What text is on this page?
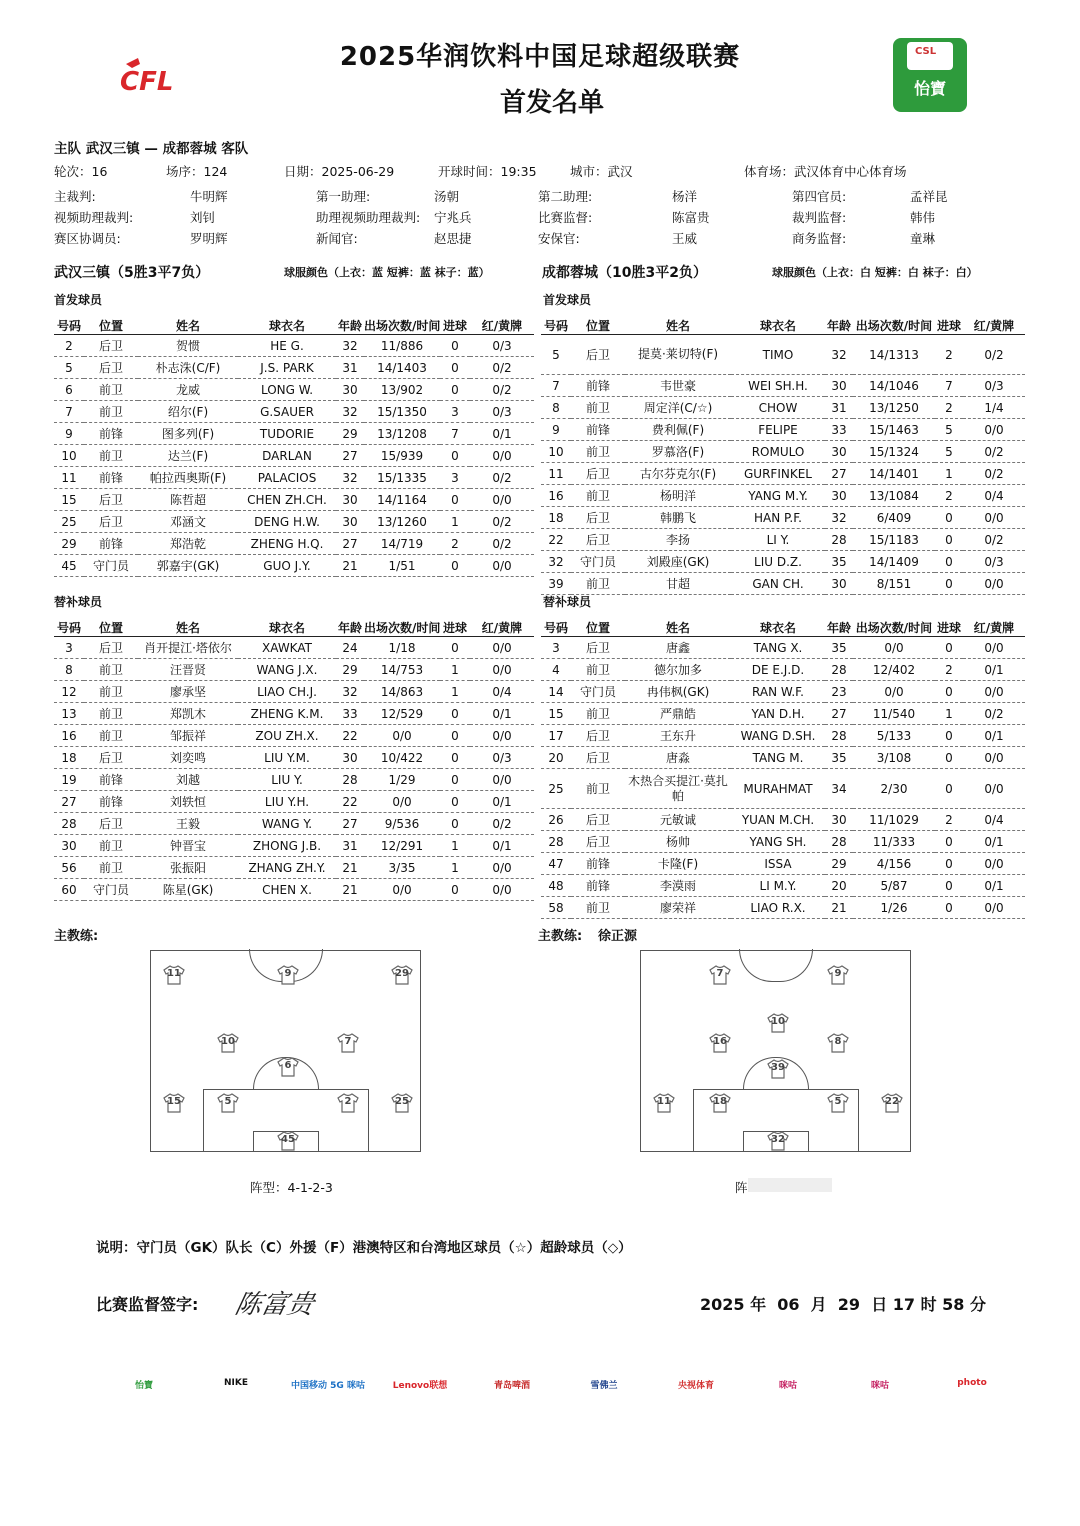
CFL
2025华润饮料中国足球超级联赛
首发名单
CSL
怡寶
主队 武汉三镇 — 成都蓉城 客队
轮次：16	场序：124	日期：2025-06-29	开球时间：19:35	城市：武汉	体育场：武汉体育中心体育场
主裁判:	牛明辉	第一助理:	汤朝	第二助理:	杨洋	第四官员:	孟祥昆
视频助理裁判:	刘钊	助理视频助理裁判: 宁兆兵	比赛监督:	陈富贵	裁判监督:	韩伟
赛区协调员:	罗明辉	新闻官:	赵思捷	安保官:	王威	商务监督:	童琳
武汉三镇（5胜3平7负）	球服颜色（上衣：蓝 短裤：蓝 袜子：蓝）	成都蓉城（10胜3平2负）	球服颜色（上衣：白 短裤：白 袜子：白）
首发球员	首发球员
号码	位置	姓名	球衣名	年龄	出场次数/时间	进球	红/黄牌
2	后卫	贺惯	HE G.	32	11/886	0	0/3
5	后卫	朴志洙(C/F)	J.S. PARK	31	14/1403	0	0/2
6	前卫	龙威	LONG W.	30	13/902	0	0/2
7	前卫	绍尔(F)	G.SAUER	32	15/1350	3	0/3
9	前锋	图多列(F)	TUDORIE	29	13/1208	7	0/1
10	前卫	达兰(F)	DARLAN	27	15/939	0	0/0
11	前锋	帕拉西奥斯(F)	PALACIOS	32	15/1335	3	0/2
15	后卫	陈哲超	CHEN ZH.CH.	30	14/1164	0	0/0
25	后卫	邓涵文	DENG H.W.	30	13/1260	1	0/2
29	前锋	郑浩乾	ZHENG H.Q.	27	14/719	2	0/2
45	守门员	郭嘉宇(GK)	GUO J.Y.	21	1/51	0	0/0
号码	位置	姓名	球衣名	年龄	出场次数/时间	进球	红/黄牌
5	后卫	提莫·莱切特(F)	TIMO	32	14/1313	2	0/2
7	前锋	韦世豪	WEI SH.H.	30	14/1046	7	0/3
8	前卫	周定洋(C/☆)	CHOW	31	13/1250	2	1/4
9	前锋	费利佩(F)	FELIPE	33	15/1463	5	0/0
10	前卫	罗慕洛(F)	ROMULO	30	15/1324	5	0/2
11	后卫	古尔芬克尔(F)	GURFINKEL	27	14/1401	1	0/2
16	前卫	杨明洋	YANG M.Y.	30	13/1084	2	0/4
18	后卫	韩鹏飞	HAN P.F.	32	6/409	0	0/0
22	后卫	李扬	LI Y.	28	15/1183	0	0/2
32	守门员	刘殿座(GK)	LIU D.Z.	35	14/1409	0	0/3
39	前卫	甘超	GAN CH.	30	8/151	0	0/0
替补球员	替补球员
号码	位置	姓名	球衣名	年龄	出场次数/时间	进球	红/黄牌
3	后卫	肖开提江·塔依尔	XAWKAT	24	1/18	0	0/0
8	前卫	汪晋贤	WANG J.X.	29	14/753	1	0/0
12	前卫	廖承坚	LIAO CH.J.	32	14/863	1	0/4
13	前卫	郑凯木	ZHENG K.M.	33	12/529	0	0/1
16	前卫	邹振祥	ZOU ZH.X.	22	0/0	0	0/0
18	后卫	刘奕鸣	LIU Y.M.	30	10/422	0	0/3
19	前锋	刘越	LIU Y.	28	1/29	0	0/0
27	前锋	刘轶恒	LIU Y.H.	22	0/0	0	0/1
28	后卫	王毅	WANG Y.	27	9/536	0	0/2
30	前卫	钟晋宝	ZHONG J.B.	31	12/291	1	0/1
56	前卫	张振阳	ZHANG ZH.Y.	21	3/35	1	0/0
60	守门员	陈星(GK)	CHEN X.	21	0/0	0	0/0
号码	位置	姓名	球衣名	年龄	出场次数/时间	进球	红/黄牌
3	后卫	唐鑫	TANG X.	35	0/0	0	0/0
4	前卫	德尔加多	DE E.J.D.	28	12/402	2	0/1
14	守门员	冉伟枫(GK)	RAN W.F.	23	0/0	0	0/0
15	前卫	严鼎皓	YAN D.H.	27	11/540	1	0/2
17	后卫	王东升	WANG D.SH.	28	5/133	0	0/1
20	后卫	唐淼	TANG M.	35	3/108	0	0/0
25	前卫	木热合买提江·莫扎帕	MURAHMAT	34	2/30	0	0/0
26	后卫	元敏诚	YUAN M.CH.	30	11/1029	2	0/4
28	后卫	杨帅	YANG SH.	28	11/333	0	0/1
47	前锋	卡隆(F)	ISSA	29	4/156	0	0/0
48	前锋	李漠雨	LI M.Y.	20	5/87	0	0/1
58	前卫	廖荣祥	LIAO R.X.	21	1/26	0	0/0
主教练:	主教练: 徐正源
11	9	29
10	7
6
15	5	2	25
45
7	9
10
16	8
39
11	18	5	22
32
阵型：4-1-2-3	阵
说明：守门员（GK）队长（C）外援（F）港澳特区和台湾地区球员（☆）超龄球员（◇）
比赛监督签字: 陈富贵	2025 年  06  月  29  日 17 时 58 分
怡寶	NIKE	中国移动 5G 咪咕	Lenovo联想	青岛啤酒	雪佛兰	央视体育	咪咕	咪咕	photo
